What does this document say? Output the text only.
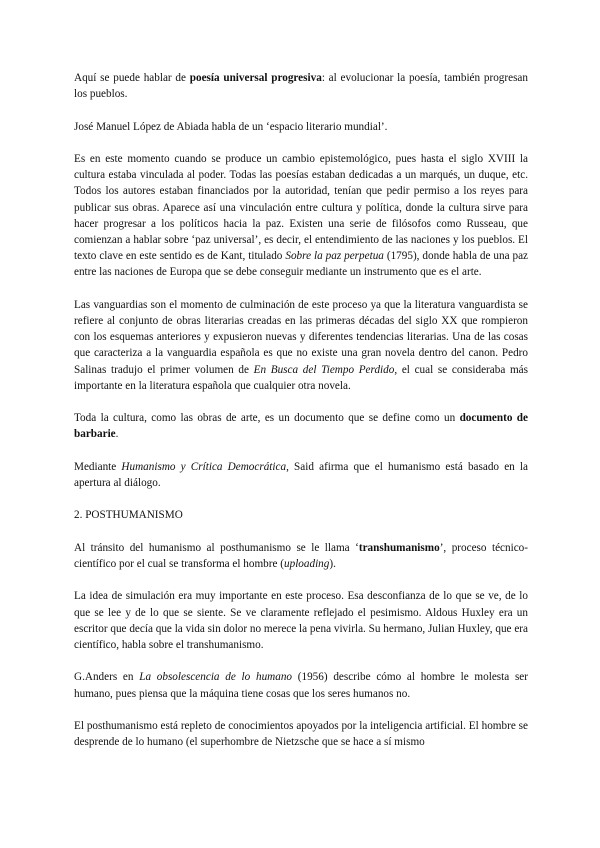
Aquí se puede hablar de poesía universal progresiva: al evolucionar la poesía, también progresan los pueblos.

José Manuel López de Abiada habla de un ‘espacio literario mundial’.

Es en este momento cuando se produce un cambio epistemológico, pues hasta el siglo XVIII la cultura estaba vinculada al poder. Todas las poesías estaban dedicadas a un marqués, un duque, etc. Todos los autores estaban financiados por la autoridad, tenían que pedir permiso a los reyes para publicar sus obras. Aparece así una vinculación entre cultura y política, donde la cultura sirve para hacer progresar a los políticos hacia la paz. Existen una serie de filósofos como Russeau, que comienzan a hablar sobre ‘paz universal’, es decir, el entendimiento de las naciones y los pueblos. El texto clave en este sentido es de Kant, titulado Sobre la paz perpetua (1795), donde habla de una paz entre las naciones de Europa que se debe conseguir mediante un instrumento que es el arte.

Las vanguardias son el momento de culminación de este proceso ya que la literatura vanguardista se refiere al conjunto de obras literarias creadas en las primeras décadas del siglo XX que rompieron con los esquemas anteriores y expusieron nuevas y diferentes tendencias literarias. Una de las cosas que caracteriza a la vanguardia española es que no existe una gran novela dentro del canon. Pedro Salinas tradujo el primer volumen de En Busca del Tiempo Perdido, el cual se consideraba más importante en la literatura española que cualquier otra novela.

Toda la cultura, como las obras de arte, es un documento que se define como un documento de barbarie.

Mediante Humanismo y Crítica Democrática, Said afirma que el humanismo está basado en la apertura al diálogo.

2. POSTHUMANISMO

Al tránsito del humanismo al posthumanismo se le llama ‘transhumanismo’, proceso técnico-científico por el cual se transforma el hombre (uploading).

La idea de simulación era muy importante en este proceso. Esa desconfianza de lo que se ve, de lo que se lee y de lo que se siente. Se ve claramente reflejado el pesimismo. Aldous Huxley era un escritor que decía que la vida sin dolor no merece la pena vivirla. Su hermano, Julian Huxley, que era científico, habla sobre el transhumanismo.

G.Anders en La obsolescencia de lo humano (1956) describe cómo al hombre le molesta ser humano, pues piensa que la máquina tiene cosas que los seres humanos no.

El posthumanismo está repleto de conocimientos apoyados por la inteligencia artificial. El hombre se desprende de lo humano (el superhombre de Nietzsche que se hace a sí mismo
